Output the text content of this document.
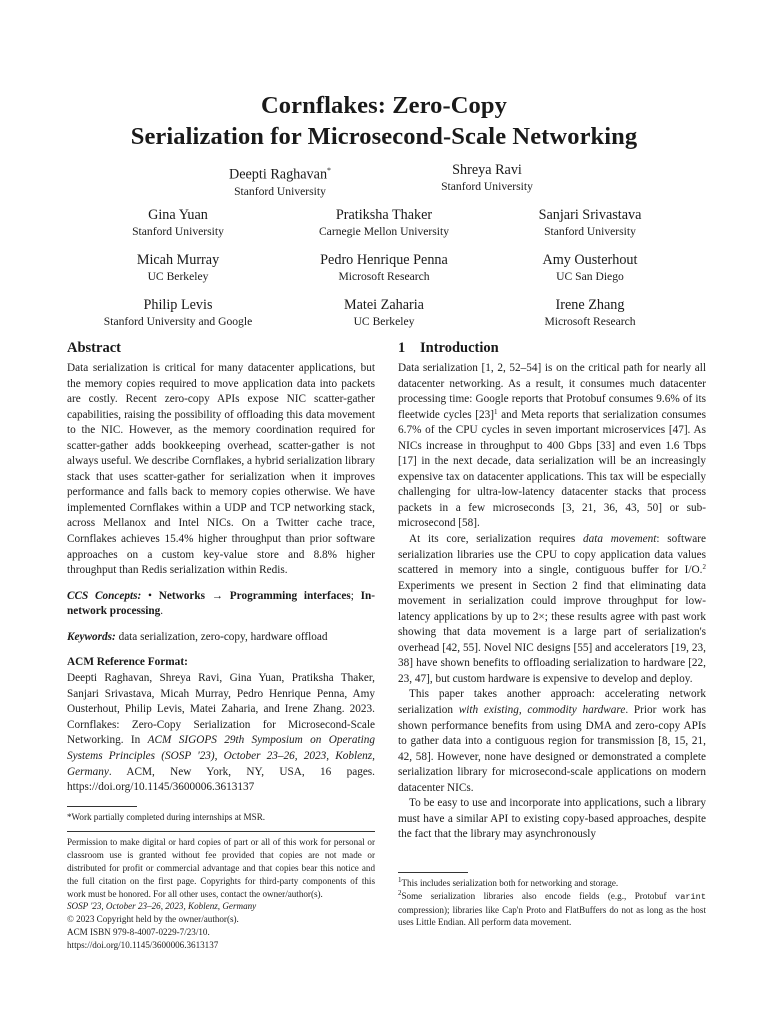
Cornflakes: Zero-Copy
Serialization for Microsecond-Scale Networking
Deepti Raghavan*
Stanford University
Shreya Ravi
Stanford University
Gina Yuan
Stanford University
Pratiksha Thaker
Carnegie Mellon University
Sanjari Srivastava
Stanford University
Micah Murray
UC Berkeley
Pedro Henrique Penna
Microsoft Research
Amy Ousterhout
UC San Diego
Philip Levis
Stanford University and Google
Matei Zaharia
UC Berkeley
Irene Zhang
Microsoft Research
Abstract

Data serialization is critical for many datacenter applications, but the memory copies required to move application data into packets are costly. Recent zero-copy APIs expose NIC scatter-gather capabilities, raising the possibility of offloading this data movement to the NIC. However, as the memory coordination required for scatter-gather adds bookkeeping overhead, scatter-gather is not always useful. We describe Cornflakes, a hybrid serialization library stack that uses scatter-gather for serialization when it improves performance and falls back to memory copies otherwise. We have implemented Cornflakes within a UDP and TCP networking stack, across Mellanox and Intel NICs. On a Twitter cache trace, Cornflakes achieves 15.4% higher throughput than prior software approaches on a custom key-value store and 8.8% higher throughput than Redis serialization within Redis.

CCS Concepts: • Networks → Programming interfaces; In-network processing.

Keywords: data serialization, zero-copy, hardware offload

ACM Reference Format:

Deepti Raghavan, Shreya Ravi, Gina Yuan, Pratiksha Thaker, Sanjari Srivastava, Micah Murray, Pedro Henrique Penna, Amy Ousterhout, Philip Levis, Matei Zaharia, and Irene Zhang. 2023. Cornflakes: Zero-Copy Serialization for Microsecond-Scale Networking. In ACM SIGOPS 29th Symposium on Operating Systems Principles (SOSP '23), October 23–26, 2023, Koblenz, Germany. ACM, New York, NY, USA, 16 pages. https://doi.org/10.1145/3600006.3613137

*Work partially completed during internships at MSR.

Permission to make digital or hard copies of part or all of this work for personal or classroom use is granted without fee provided that copies are not made or distributed for profit or commercial advantage and that copies bear this notice and the full citation on the first page. Copyrights for third-party components of this work must be honored. For all other uses, contact the owner/author(s).

SOSP '23, October 23–26, 2023, Koblenz, Germany

© 2023 Copyright held by the owner/author(s).

ACM ISBN 979-8-4007-0229-7/23/10.

https://doi.org/10.1145/3600006.3613137

1 Introduction

Data serialization [1, 2, 52–54] is on the critical path for nearly all datacenter networking. As a result, it consumes much datacenter processing time: Google reports that Protobuf consumes 9.6% of its fleetwide cycles [23]$^1$ and Meta reports that serialization consumes 6.7% of the CPU cycles in seven important microservices [47]. As NICs increase in throughput to 400 Gbps [33] and even 1.6 Tbps [17] in the next decade, data serialization will be an increasingly expensive tax on datacenter applications. This tax will be especially challenging for ultra-low-latency datacenter stacks that process packets in a few microseconds [3, 21, 36, 43, 50] or sub-microsecond [58].

At its core, serialization requires data movement: software serialization libraries use the CPU to copy application data values scattered in memory into a single, contiguous buffer for I/O.$^2$ Experiments we present in Section 2 find that eliminating data movement in serialization could improve throughput for low-latency applications by up to 2×; these results agree with past work showing that data movement is a large part of serialization's overhead [42, 55]. Novel NIC designs [55] and accelerators [19, 23, 38] have shown benefits to offloading serialization to hardware [22, 23, 47], but custom hardware is expensive to develop and deploy.

This paper takes another approach: accelerating network serialization with existing, commodity hardware. Prior work has shown performance benefits from using DMA and zero-copy APIs to gather data into a contiguous region for transmission [8, 15, 21, 42, 58]. However, none have designed or demonstrated a complete serialization library for microsecond-scale applications on modern datacenter NICs.

To be easy to use and incorporate into applications, such a library must have a similar API to existing copy-based approaches, despite the fact that the library may asynchronously

$^1$This includes serialization both for networking and storage.

$^2$Some serialization libraries also encode fields (e.g., Protobuf varint compression); libraries like Cap'n Proto and FlatBuffers do not as long as the host uses Little Endian. All perform data movement.
